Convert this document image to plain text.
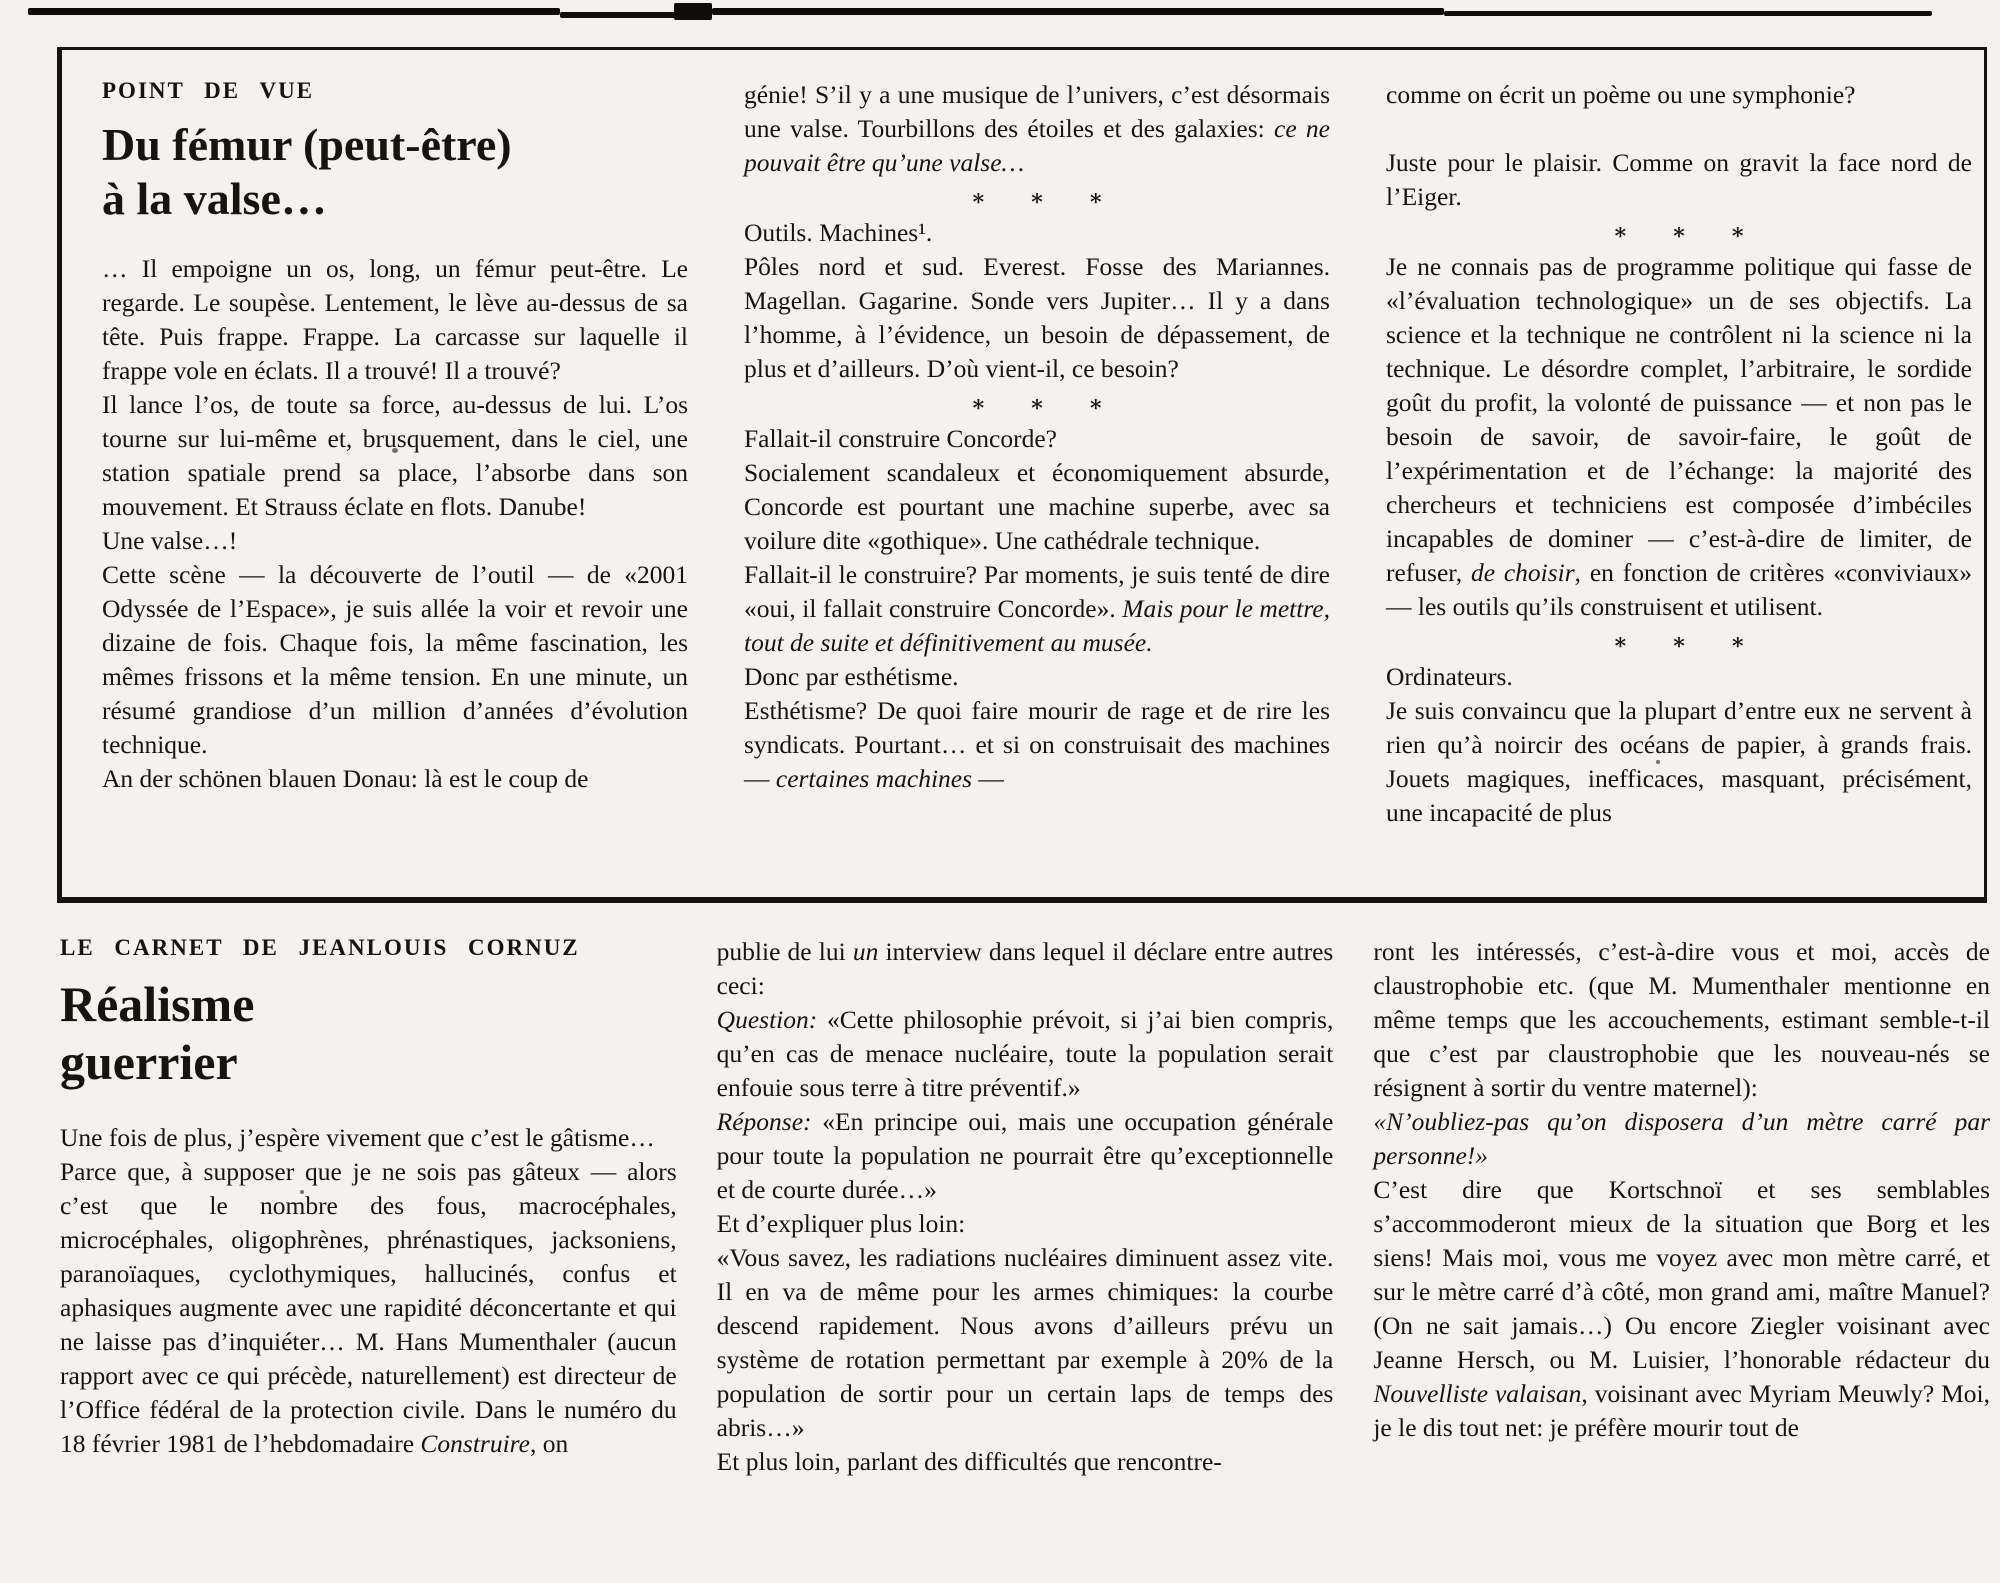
POINT DE VUE
Du fémur (peut-être)
à la valse…

… Il empoigne un os, long, un fémur peut-être. Le regarde. Le soupèse. Lentement, le lève au-dessus de sa tête. Puis frappe. Frappe. La carcasse sur laquelle il frappe vole en éclats. Il a trouvé! Il a trouvé?

Il lance l’os, de toute sa force, au-dessus de lui. L’os tourne sur lui-même et, brusquement, dans le ciel, une station spatiale prend sa place, l’absorbe dans son mouvement. Et Strauss éclate en flots. Danube!

Une valse…!

Cette scène — la découverte de l’outil — de «2001 Odyssée de l’Espace», je suis allée la voir et revoir une dizaine de fois. Chaque fois, la même fascination, les mêmes frissons et la même tension. En une minute, un résumé grandiose d’un million d’années d’évolution technique.

An der schönen blauen Donau: là est le coup de

génie! S’il y a une musique de l’univers, c’est désormais une valse. Tourbillons des étoiles et des galaxies: ce ne pouvait être qu’une valse…

∗ ∗ ∗

Outils. Machines¹.

Pôles nord et sud. Everest. Fosse des Mariannes. Magellan. Gagarine. Sonde vers Jupiter… Il y a dans l’homme, à l’évidence, un besoin de dépassement, de plus et d’ailleurs. D’où vient-il, ce besoin?

∗ ∗ ∗

Fallait-il construire Concorde?

Socialement scandaleux et économiquement absurde, Concorde est pourtant une machine superbe, avec sa voilure dite «gothique». Une cathédrale technique.

Fallait-il le construire? Par moments, je suis tenté de dire «oui, il fallait construire Concorde». Mais pour le mettre, tout de suite et définitivement au musée.

Donc par esthétisme.

Esthétisme? De quoi faire mourir de rage et de rire les syndicats. Pourtant… et si on construisait des machines — certaines machines —

comme on écrit un poème ou une symphonie?

Juste pour le plaisir. Comme on gravit la face nord de l’Eiger.

∗ ∗ ∗

Je ne connais pas de programme politique qui fasse de «l’évaluation technologique» un de ses objectifs. La science et la technique ne contrôlent ni la science ni la technique. Le désordre complet, l’arbitraire, le sordide goût du profit, la volonté de puissance — et non pas le besoin de savoir, de savoir-faire, le goût de l’expérimentation et de l’échange: la majorité des chercheurs et techniciens est composée d’imbéciles incapables de dominer — c’est-à-dire de limiter, de refuser, de choisir, en fonction de critères «conviviaux» — les outils qu’ils construisent et utilisent.

∗ ∗ ∗

Ordinateurs.

Je suis convaincu que la plupart d’entre eux ne servent à rien qu’à noircir des océans de papier, à grands frais. Jouets magiques, inefficaces, masquant, précisément, une incapacité de plus

LE CARNET DE JEANLOUIS CORNUZ
Réalisme
guerrier

Une fois de plus, j’espère vivement que c’est le gâtisme…

Parce que, à supposer que je ne sois pas gâteux — alors c’est que le nombre des fous, macrocéphales, microcéphales, oligophrènes, phrénastiques, jacksoniens, paranoïaques, cyclothymiques, hallucinés, confus et aphasiques augmente avec une rapidité déconcertante et qui ne laisse pas d’inquiéter… M. Hans Mumenthaler (aucun rapport avec ce qui précède, naturellement) est directeur de l’Office fédéral de la protection civile. Dans le numéro du 18 février 1981 de l’hebdomadaire Construire, on

publie de lui un interview dans lequel il déclare entre autres ceci:

Question: «Cette philosophie prévoit, si j’ai bien compris, qu’en cas de menace nucléaire, toute la population serait enfouie sous terre à titre préventif.»

Réponse: «En principe oui, mais une occupation générale pour toute la population ne pourrait être qu’exceptionnelle et de courte durée…»

Et d’expliquer plus loin:

«Vous savez, les radiations nucléaires diminuent assez vite. Il en va de même pour les armes chimiques: la courbe descend rapidement. Nous avons d’ailleurs prévu un système de rotation permettant par exemple à 20% de la population de sortir pour un certain laps de temps des abris…»

Et plus loin, parlant des difficultés que rencontre-

ront les intéressés, c’est-à-dire vous et moi, accès de claustrophobie etc. (que M. Mumenthaler mentionne en même temps que les accouchements, estimant semble-t-il que c’est par claustrophobie que les nouveau-nés se résignent à sortir du ventre maternel):

«N’oubliez-pas qu’on disposera d’un mètre carré par personne!»

C’est dire que Kortschnoï et ses semblables s’accommoderont mieux de la situation que Borg et les siens! Mais moi, vous me voyez avec mon mètre carré, et sur le mètre carré d’à côté, mon grand ami, maître Manuel? (On ne sait jamais…) Ou encore Ziegler voisinant avec Jeanne Hersch, ou M. Luisier, l’honorable rédacteur du Nouvelliste valaisan, voisinant avec Myriam Meuwly? Moi, je le dis tout net: je préfère mourir tout de
